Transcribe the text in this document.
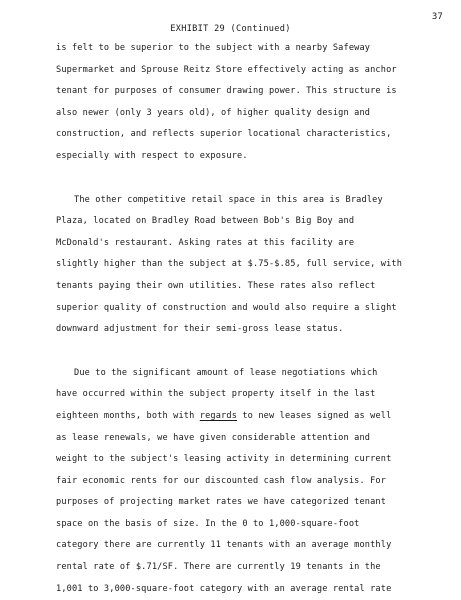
37
EXHIBIT 29 (Continued)
is felt to be superior to the subject with a nearby Safeway
Supermarket and Sprouse Reitz Store effectively acting as anchor
tenant for purposes of consumer drawing power. This structure is
also newer (only 3 years old), of higher quality design and
construction, and reflects superior locational characteristics,
especially with respect to exposure.
The other competitive retail space in this area is Bradley
Plaza, located on Bradley Road between Bob's Big Boy and
McDonald's restaurant. Asking rates at this facility are
slightly higher than the subject at $.75-$.85, full service, with
tenants paying their own utilities. These rates also reflect
superior quality of construction and would also require a slight
downward adjustment for their semi-gross lease status.
Due to the significant amount of lease negotiations which
have occurred within the subject property itself in the last
eighteen months, both with regards to new leases signed as well
as lease renewals, we have given considerable attention and
weight to the subject's leasing activity in determining current
fair economic rents for our discounted cash flow analysis. For
purposes of projecting market rates we have categorized tenant
space on the basis of size. In the 0 to 1,000-square-foot
category there are currently 11 tenants with an average monthly
rental rate of $.71/SF. There are currently 19 tenants in the
1,001 to 3,000-square-foot category with an average rental rate
